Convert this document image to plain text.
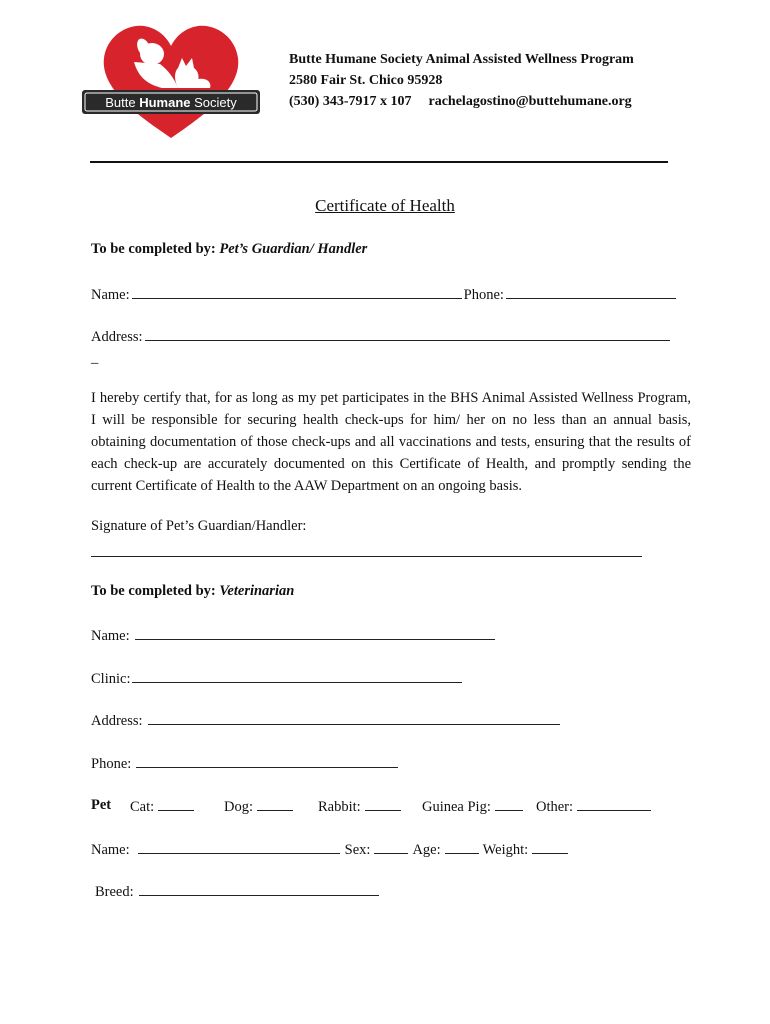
Butte Humane Society
Butte Humane Society Animal Assisted Wellness Program
2580 Fair St. Chico 95928
(530) 343-7917 x 107 rachelagostino@buttehumane.org
Certificate of Health
To be completed by: Pet’s Guardian/ Handler
Name:	Phone:
Address:
_
I hereby certify that, for as long as my pet participates in the BHS Animal Assisted Wellness Program, I will be responsible for securing health check-ups for him/ her on no less than an annual basis, obtaining documentation of those check-ups and all vaccinations and tests, ensuring that the results of each check-up are accurately documented on this Certificate of Health, and promptly sending the current Certificate of Health to the AAW Department on an ongoing basis.
Signature of Pet’s Guardian/Handler:
To be completed by: Veterinarian
Name:
Clinic:
Address:
Phone:
Pet Cat:	Dog:	Rabbit:	Guinea Pig:	Other:
Name:	Sex:	Age:	Weight:
Breed:
